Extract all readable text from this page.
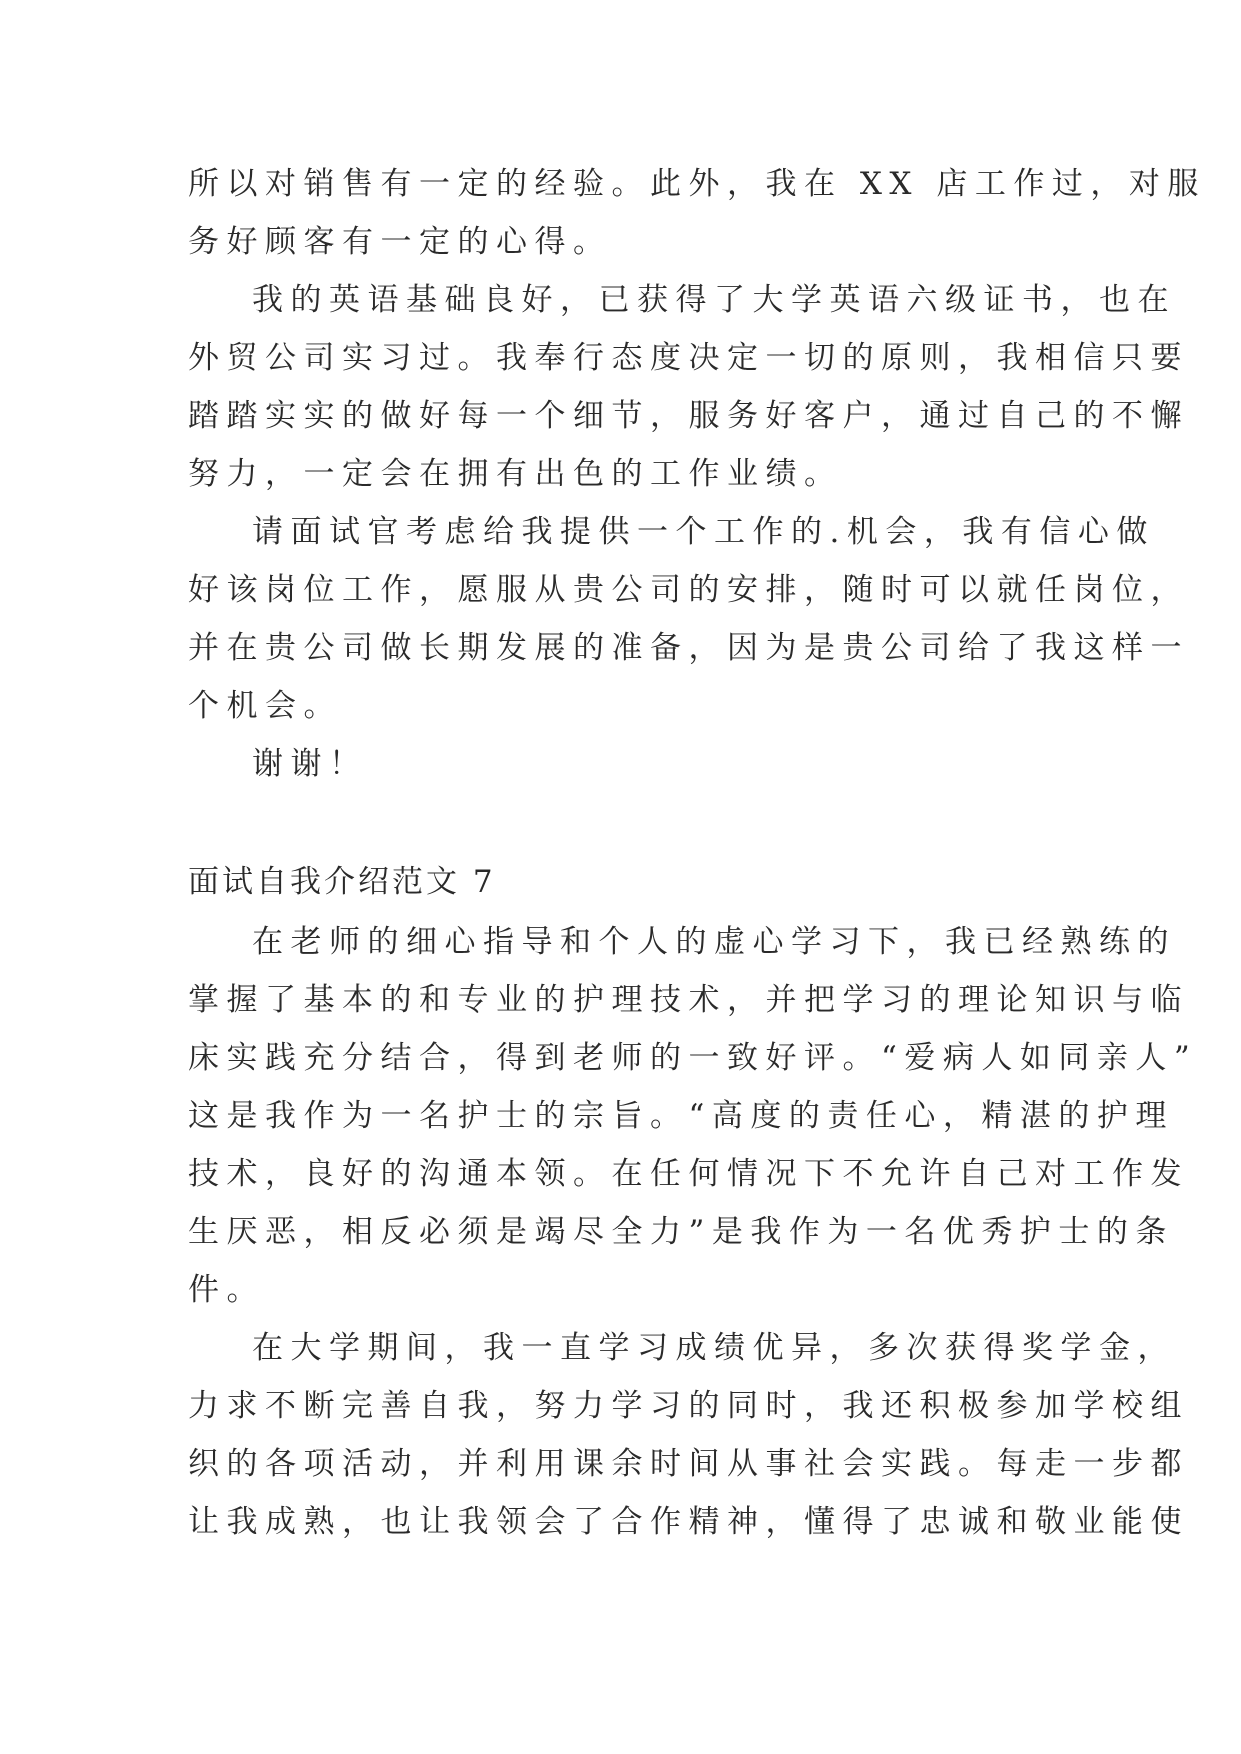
所以对销售有一定的经验。此外，我在 XX 店工作过，对服
务好顾客有一定的心得。
我的英语基础良好，已获得了大学英语六级证书，也在
外贸公司实习过。我奉行态度决定一切的原则，我相信只要
踏踏实实的做好每一个细节，服务好客户，通过自己的不懈
努力，一定会在拥有出色的工作业绩。
请面试官考虑给我提供一个工作的.机会，我有信心做
好该岗位工作，愿服从贵公司的安排，随时可以就任岗位，
并在贵公司做长期发展的准备，因为是贵公司给了我这样一
个机会。
谢谢！
面试自我介绍范文 7
在老师的细心指导和个人的虚心学习下，我已经熟练的
掌握了基本的和专业的护理技术，并把学习的理论知识与临
床实践充分结合，得到老师的一致好评。“爱病人如同亲人”
这是我作为一名护士的宗旨。“高度的责任心，精湛的护理
技术，良好的沟通本领。在任何情况下不允许自己对工作发
生厌恶，相反必须是竭尽全力”是我作为一名优秀护士的条
件。
在大学期间，我一直学习成绩优异，多次获得奖学金，
力求不断完善自我，努力学习的同时，我还积极参加学校组
织的各项活动，并利用课余时间从事社会实践。每走一步都
让我成熟，也让我领会了合作精神，懂得了忠诚和敬业能使
